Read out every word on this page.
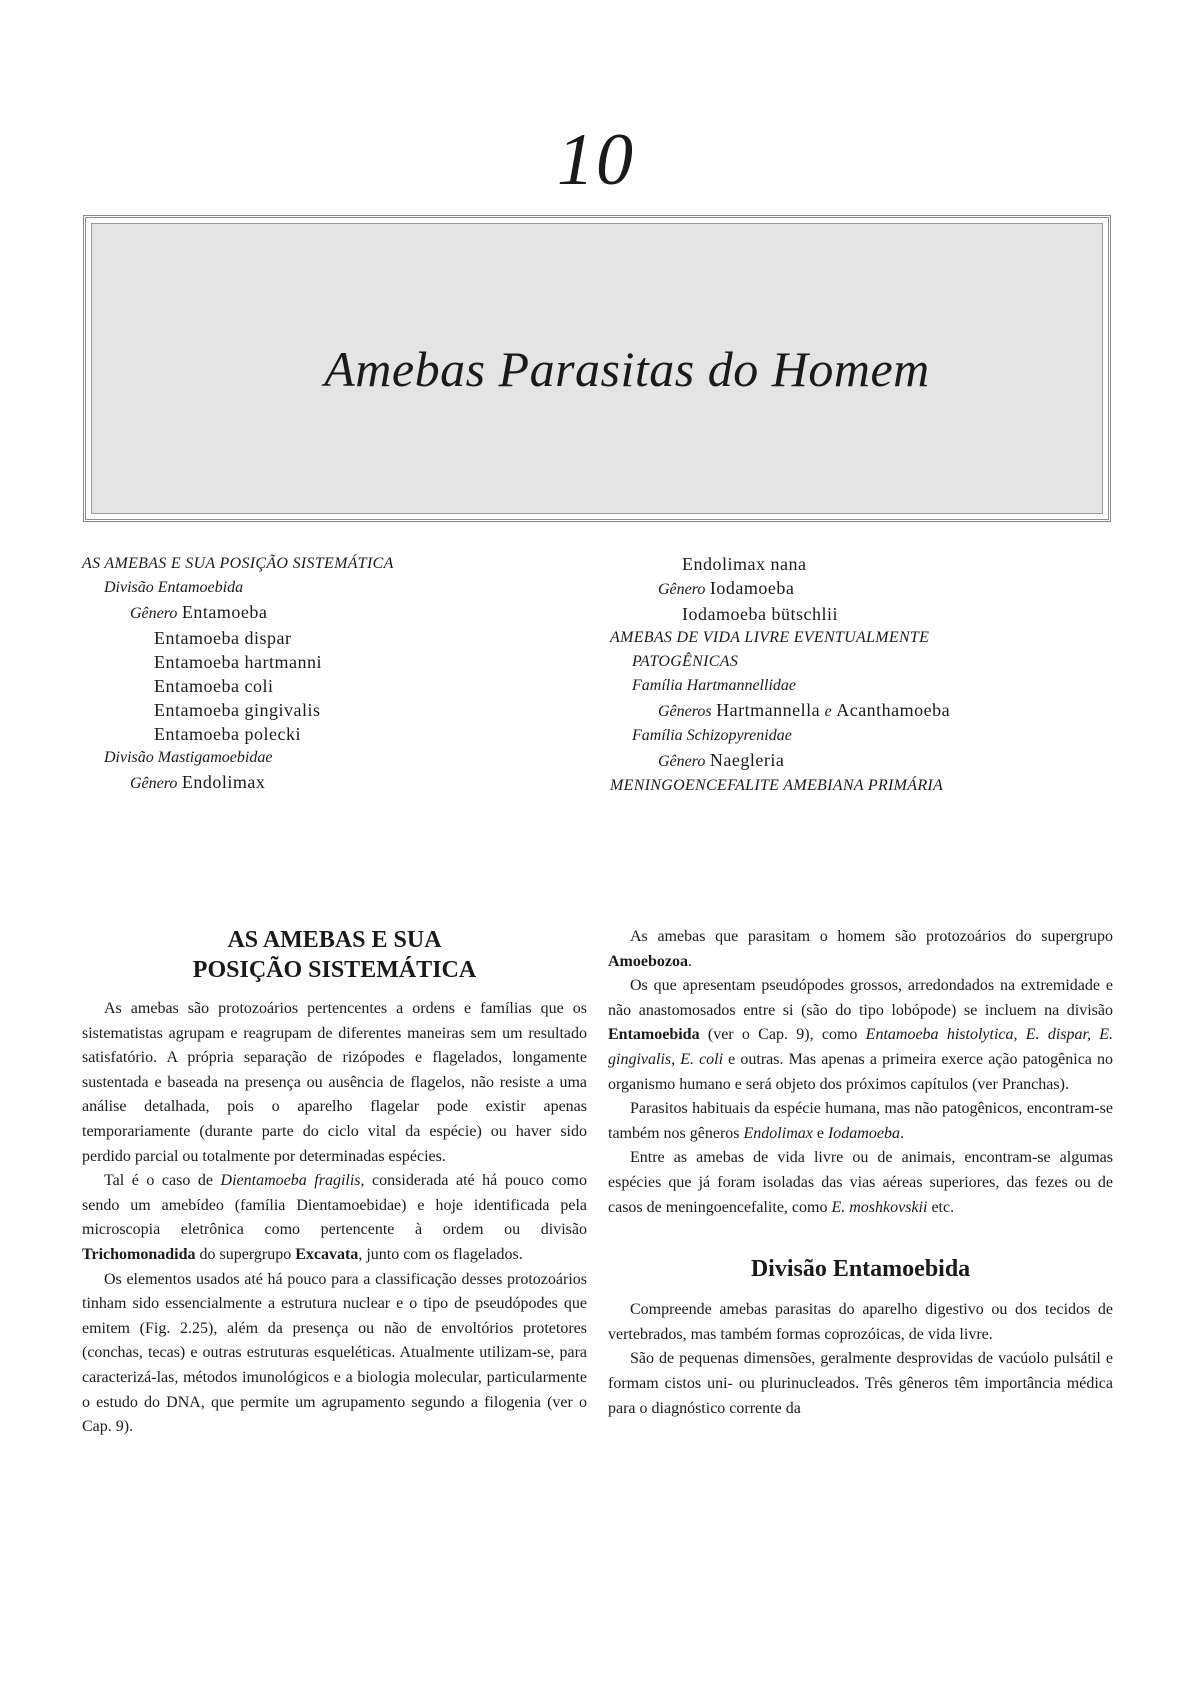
10
Amebas Parasitas do Homem
AS AMEBAS E SUA POSIÇÃO SISTEMÁTICA
Divisão Entamoebida
Gênero Entamoeba
Entamoeba dispar
Entamoeba hartmanni
Entamoeba coli
Entamoeba gingivalis
Entamoeba polecki
Divisão Mastigamoebidae
Gênero Endolimax
Endolimax nana
Gênero Iodamoeba
Iodamoeba bütschlii
AMEBAS DE VIDA LIVRE EVENTUALMENTE
PATOGÊNICAS
Família Hartmannellidae
Gêneros Hartmannella e Acanthamoeba
Família Schizopyrenidae
Gênero Naegleria
MENINGOENCEFALITE AMEBIANA PRIMÁRIA
AS AMEBAS E SUA
POSIÇÃO SISTEMÁTICA

As amebas são protozoários pertencentes a ordens e famílias que os sistematistas agrupam e reagrupam de diferentes maneiras sem um resultado satisfatório. A própria separação de rizópodes e flagelados, longamente sustentada e baseada na presença ou ausência de flagelos, não resiste a uma análise detalhada, pois o aparelho flagelar pode existir apenas temporariamente (durante parte do ciclo vital da espécie) ou haver sido perdido parcial ou totalmente por determinadas espécies.

Tal é o caso de Dientamoeba fragilis, considerada até há pouco como sendo um amebídeo (família Dientamoebidae) e hoje identificada pela microscopia eletrônica como pertencente à ordem ou divisão Trichomonadida do supergrupo Excavata, junto com os flagelados.

Os elementos usados até há pouco para a classificação desses protozoários tinham sido essencialmente a estrutura nuclear e o tipo de pseudópodes que emitem (Fig. 2.25), além da presença ou não de envoltórios protetores (conchas, tecas) e outras estruturas esqueléticas. Atualmente utilizam-se, para caracterizá-las, métodos imunológicos e a biologia molecular, particularmente o estudo do DNA, que permite um agrupamento segundo a filogenia (ver o Cap. 9).

As amebas que parasitam o homem são protozoários do supergrupo Amoebozoa.

Os que apresentam pseudópodes grossos, arredondados na extremidade e não anastomosados entre si (são do tipo lobópode) se incluem na divisão Entamoebida (ver o Cap. 9), como Entamoeba histolytica, E. dispar, E. gingivalis, E. coli e outras. Mas apenas a primeira exerce ação patogênica no organismo humano e será objeto dos próximos capítulos (ver Pranchas).

Parasitos habituais da espécie humana, mas não patogênicos, encontram-se também nos gêneros Endolimax e Iodamoeba.

Entre as amebas de vida livre ou de animais, encontram-se algumas espécies que já foram isoladas das vias aéreas superiores, das fezes ou de casos de meningoencefalite, como E. moshkovskii etc.

Divisão Entamoebida

Compreende amebas parasitas do aparelho digestivo ou dos tecidos de vertebrados, mas também formas coprozóicas, de vida livre.

São de pequenas dimensões, geralmente desprovidas de vacúolo pulsátil e formam cistos uni- ou plurinucleados. Três gêneros têm importância médica para o diagnóstico corrente da
